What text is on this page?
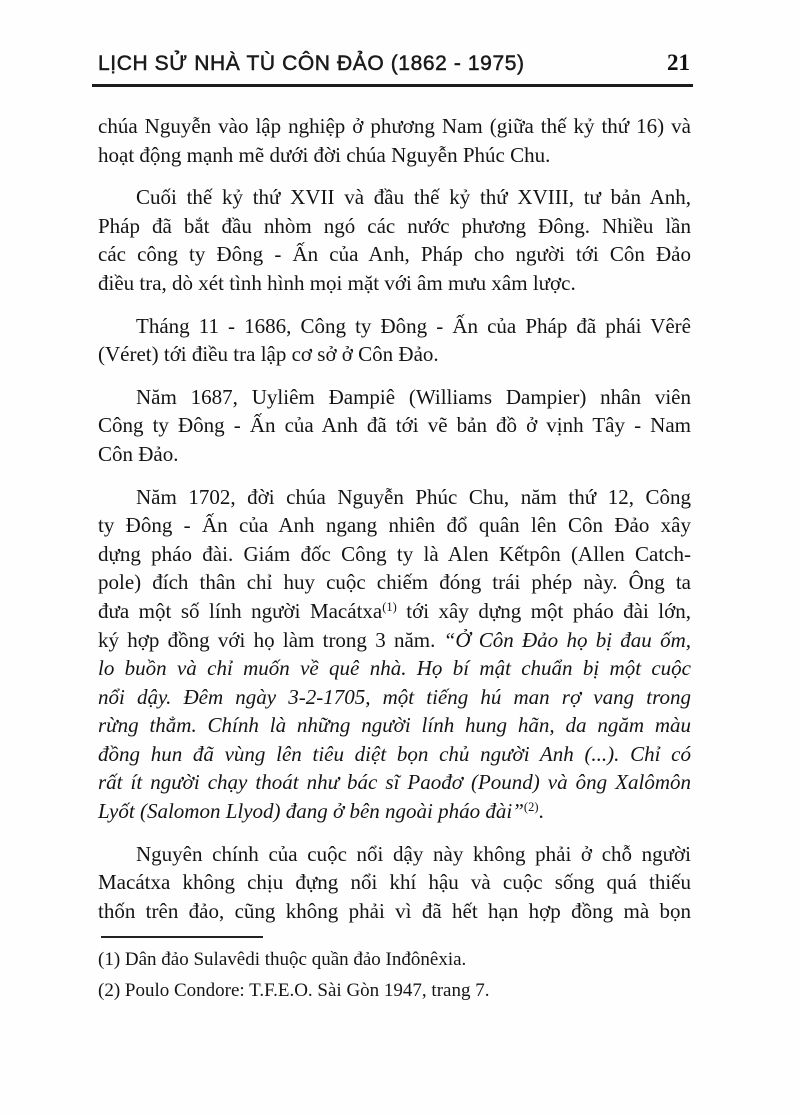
LỊCH SỬ NHÀ TÙ CÔN ĐẢO (1862 - 1975)	21
chúa Nguyễn vào lập nghiệp ở phương Nam (giữa thế kỷ thứ 16) và
hoạt động mạnh mẽ dưới đời chúa Nguyễn Phúc Chu.
Cuối thế kỷ thứ XVII và đầu thế kỷ thứ XVIII, tư bản Anh,
Pháp đã bắt đầu nhòm ngó các nước phương Đông. Nhiều lần
các công ty Đông - Ấn của Anh, Pháp cho người tới Côn Đảo
điều tra, dò xét tình hình mọi mặt với âm mưu xâm lược.
Tháng 11 - 1686, Công ty Đông - Ấn của Pháp đã phái Vêrê
(Véret) tới điều tra lập cơ sở ở Côn Đảo.
Năm 1687, Uyliêm Đampiê (Williams Dampier) nhân viên
Công ty Đông - Ấn của Anh đã tới vẽ bản đồ ở vịnh Tây - Nam
Côn Đảo.
Năm 1702, đời chúa Nguyễn Phúc Chu, năm thứ 12, Công
ty Đông - Ấn của Anh ngang nhiên đổ quân lên Côn Đảo xây
dựng pháo đài. Giám đốc Công ty là Alen Kếtpôn (Allen Catch-
pole) đích thân chỉ huy cuộc chiếm đóng trái phép này. Ông ta
đưa một số lính người Macátxa$^{(1)}$ tới xây dựng một pháo đài lớn,
ký hợp đồng với họ làm trong 3 năm. “Ở Côn Đảo họ bị đau ốm,
lo buồn và chỉ muốn về quê nhà. Họ bí mật chuẩn bị một cuộc
nổi dậy. Đêm ngày 3-2-1705, một tiếng hú man rợ vang trong
rừng thẳm. Chính là những người lính hung hãn, da ngăm màu
đồng hun đã vùng lên tiêu diệt bọn chủ người Anh (...). Chỉ có
rất ít người chạy thoát như bác sĩ Paođơ (Pound) và ông Xalômôn
Lyốt (Salomon Llyod) đang ở bên ngoài pháo đài”$^{(2)}$.
Nguyên chính của cuộc nổi dậy này không phải ở chỗ người
Macátxa không chịu đựng nổi khí hậu và cuộc sống quá thiếu
thốn trên đảo, cũng không phải vì đã hết hạn hợp đồng mà bọn
(1) Dân đảo Sulavêdi thuộc quần đảo Inđônêxia.
(2) Poulo Condore: T.F.E.O. Sài Gòn 1947, trang 7.
